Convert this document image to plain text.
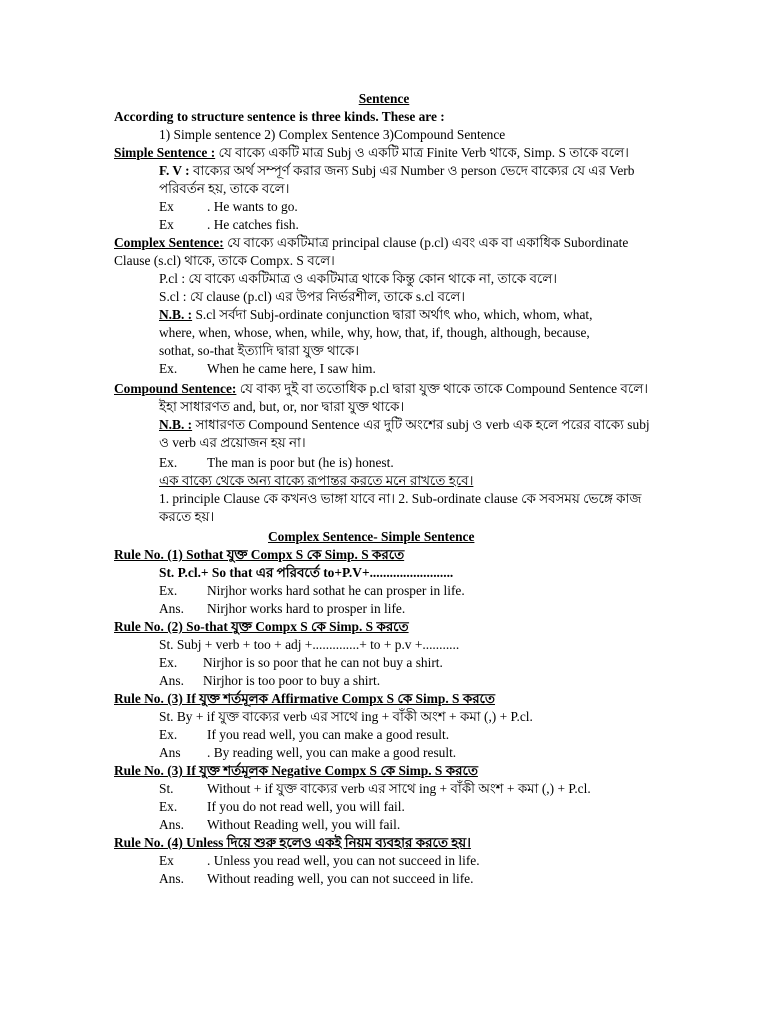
Sentence
According to structure sentence is three kinds. These are :
1) Simple sentence 2) Complex Sentence 3)Compound Sentence
Simple Sentence : যে বাক্যে একটি মাত্র Subj ও একটি মাত্র Finite Verb থাকে, Simp. S তাকে বলে।
F. V : বাক্যের অর্থ সম্পূর্ণ করার জন্য Subj এর Number ও person ভেদে বাক্যের যে এর Verb
পরিবর্তন হয়, তাকে বলে।
Ex . He wants to go.
Ex . He catches fish.
Complex Sentence: যে বাক্যে একটিমাত্র principal clause (p.cl) এবং এক বা একাধিক Subordinate
Clause (s.cl) থাকে, তাকে Compx. S বলে।
P.cl : যে বাক্যে একটিমাত্র ও একটিমাত্র থাকে কিন্তু কোন থাকে না, তাকে বলে।
S.cl : যে clause (p.cl) এর উপর নির্ভরশীল, তাকে s.cl বলে।
N.B. : S.cl সর্বদা Subj-ordinate conjunction দ্বারা অর্থাৎ who, which, whom, what,
where, when, whose, when, while, why, how, that, if, though, although, because,
sothat, so-that ইত্যাদি দ্বারা যুক্ত থাকে।
Ex. When he came here, I saw him.
Compound Sentence: যে বাক্য দুই বা ততোধিক p.cl দ্বারা যুক্ত থাকে তাকে Compound Sentence বলে।
ইহা সাধারণত and, but, or, nor দ্বারা যুক্ত থাকে।
N.B. : সাধারণত Compound Sentence এর দুটি অংশের subj ও verb এক হলে পরের বাক্যে subj
ও verb এর প্রয়োজন হয় না।
Ex. The man is poor but (he is) honest.
এক বাক্যে থেকে অন্য বাক্যে রূপান্তর করতে মনে রাখতে হবে।
1. principle Clause কে কখনও ভাঙ্গা যাবে না। 2. Sub-ordinate clause কে সবসময় ভেঙ্গে কাজ
করতে হয়।
Complex Sentence- Simple Sentence
Rule No. (1) Sothat যুক্ত Compx S কে Simp. S করতে
St. P.cl.+ So that এর পরিবর্তে to+P.V+.........................
Ex. Nirjhor works hard sothat he can prosper in life.
Ans. Nirjhor works hard to prosper in life.
Rule No. (2) So-that যুক্ত Compx S কে Simp. S করতে
St. Subj + verb + too + adj +..............+ to + p.v +...........
Ex. Nirjhor is so poor that he can not buy a shirt.
Ans. Nirjhor is too poor to buy a shirt.
Rule No. (3) If যুক্ত শর্তমূলক Affirmative Compx S কে Simp. S করতে
St. By + if যুক্ত বাক্যের verb এর সাথে ing + বাঁকী অংশ + কমা (,) + P.cl.
Ex. If you read well, you can make a good result.
Ans . By reading well, you can make a good result.
Rule No. (3) If যুক্ত শর্তমূলক Negative Compx S কে Simp. S করতে
St. Without + if যুক্ত বাক্যের verb এর সাথে ing + বাঁকী অংশ + কমা (,) + P.cl.
Ex. If you do not read well, you will fail.
Ans. Without Reading well, you will fail.
Rule No. (4) Unless দিয়ে শুরু হলেও একই নিয়ম ব্যবহার করতে হয়।
Ex . Unless you read well, you can not succeed in life.
Ans. Without reading well, you can not succeed in life.
